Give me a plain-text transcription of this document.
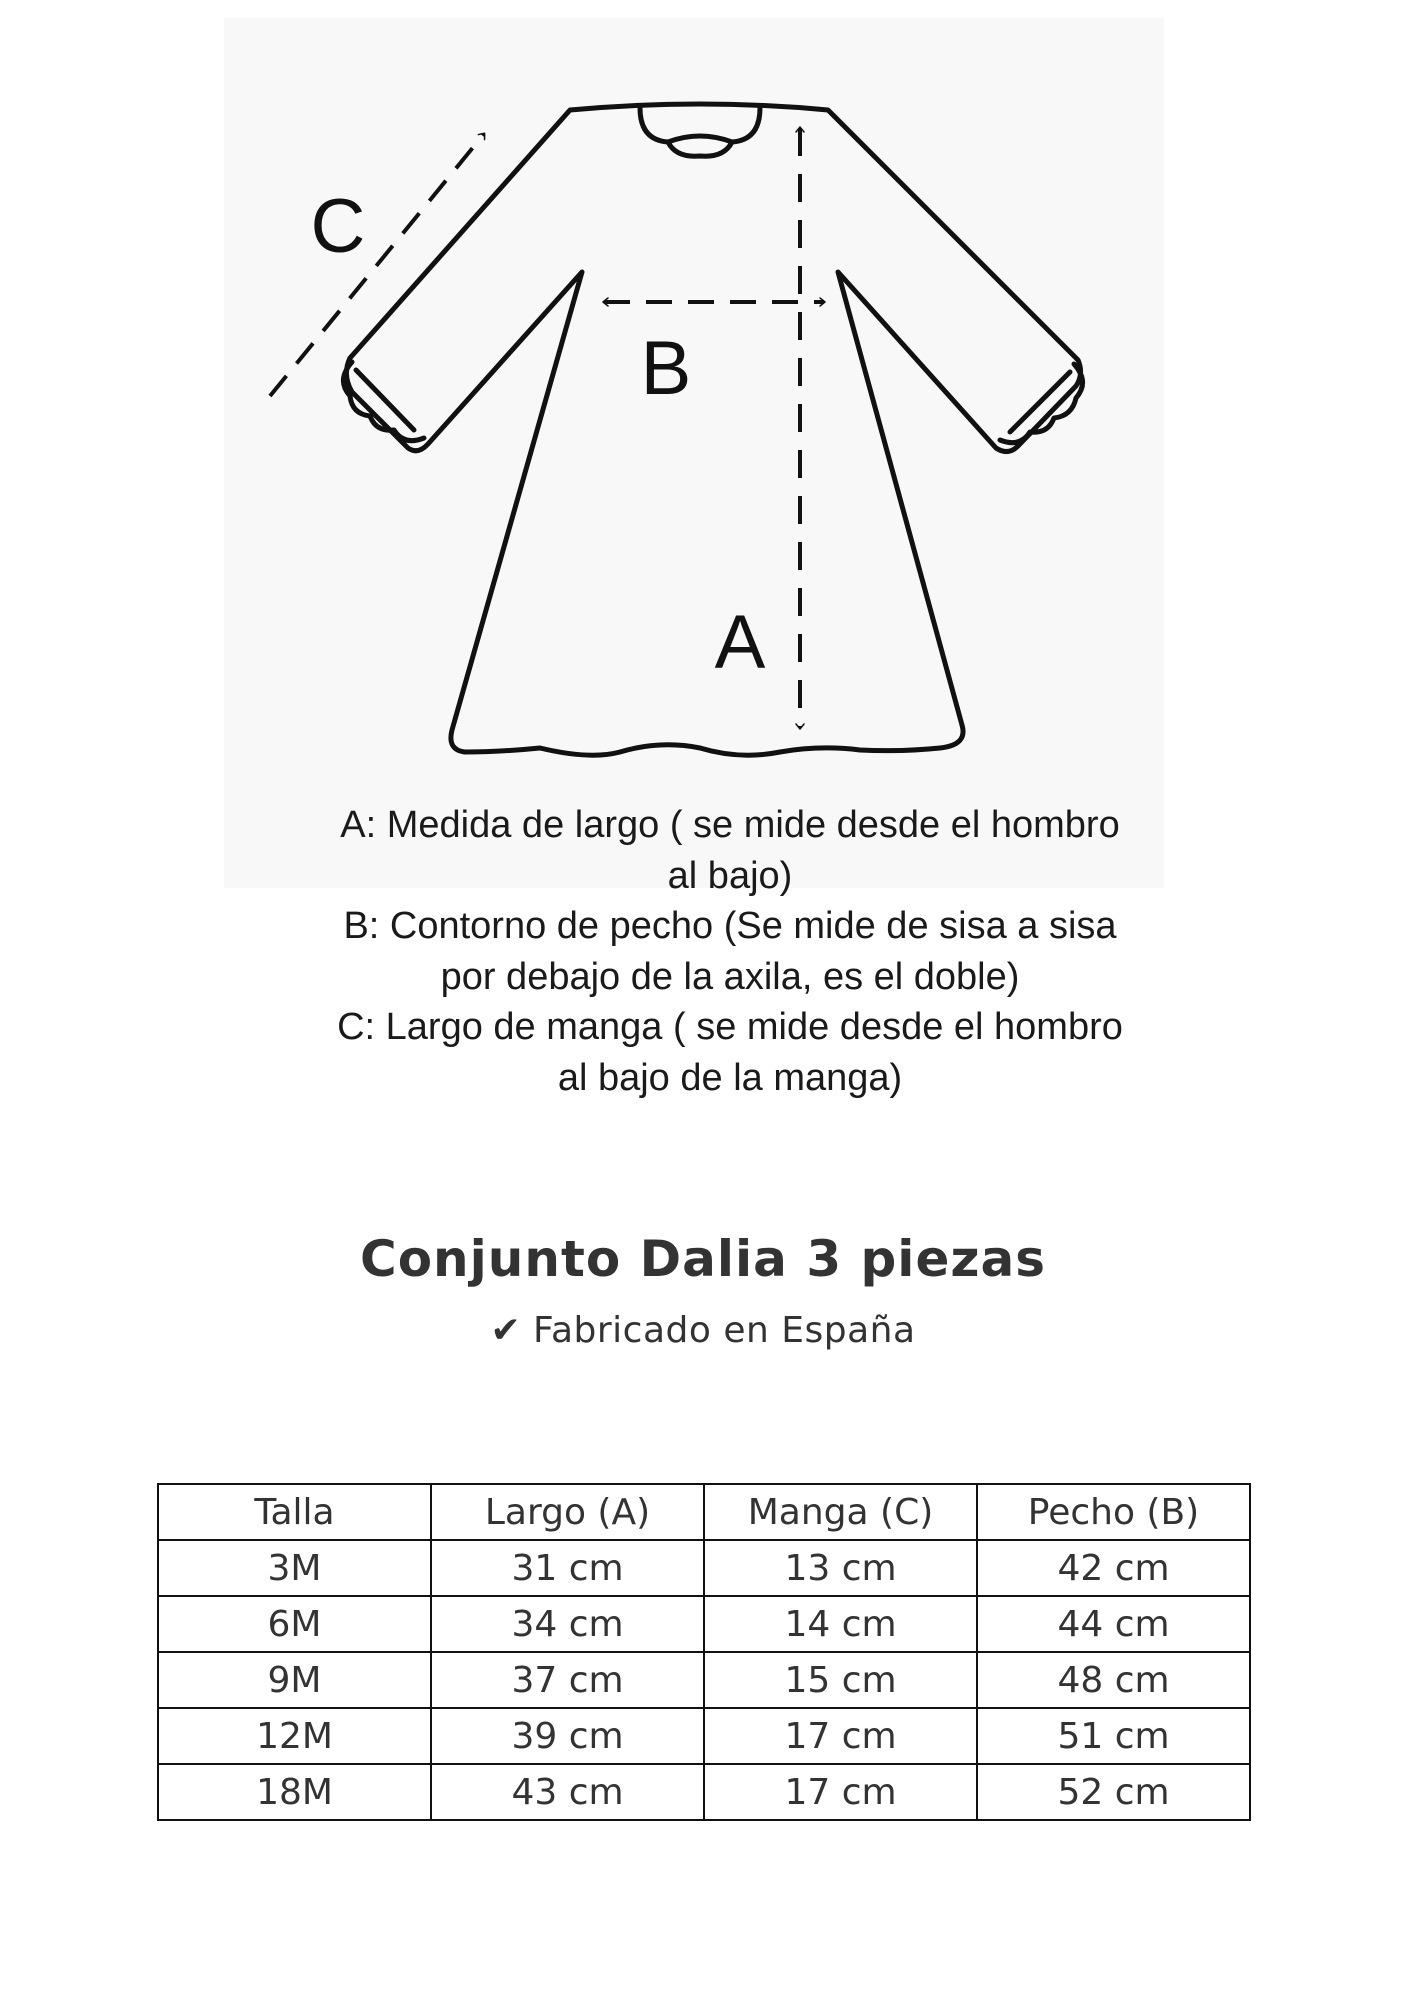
C
B
A
A: Medida de largo ( se mide desde el hombro
al bajo)
B: Contorno de pecho (Se mide de sisa a sisa
por debajo de la axila, es el doble)
C: Largo de manga ( se mide desde el hombro
al bajo de la manga)
Conjunto Dalia 3 piezas
✔ Fabricado en España
Talla	Largo (A)	Manga (C)	Pecho (B)
3M	31 cm	13 cm	42 cm
6M	34 cm	14 cm	44 cm
9M	37 cm	15 cm	48 cm
12M	39 cm	17 cm	51 cm
18M	43 cm	17 cm	52 cm
